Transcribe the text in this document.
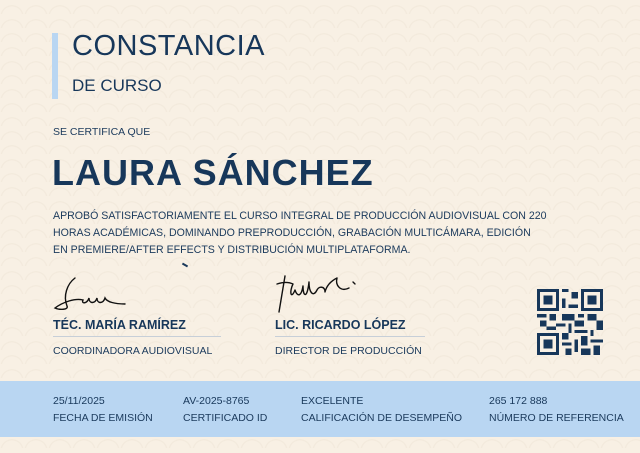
CONSTANCIA
DE CURSO
SE CERTIFICA QUE
LAURA SÁNCHEZ
APROBÓ SATISFACTORIAMENTE EL CURSO INTEGRAL DE PRODUCCIÓN AUDIOVISUAL CON 220
HORAS ACADÉMICAS, DOMINANDO PREPRODUCCIÓN, GRABACIÓN MULTICÁMARA, EDICIÓN
EN PREMIERE/AFTER EFFECTS Y DISTRIBUCIÓN MULTIPLATAFORMA.
TÉC. MARÍA RAMÍREZ
COORDINADORA AUDIOVISUAL
LIC. RICARDO LÓPEZ
DIRECTOR DE PRODUCCIÓN
25/11/2025
FECHA DE EMISIÓN
AV-2025-8765
CERTIFICADO ID
EXCELENTE
CALIFICACIÓN DE DESEMPEÑO
265 172 888
NÚMERO DE REFERENCIA
